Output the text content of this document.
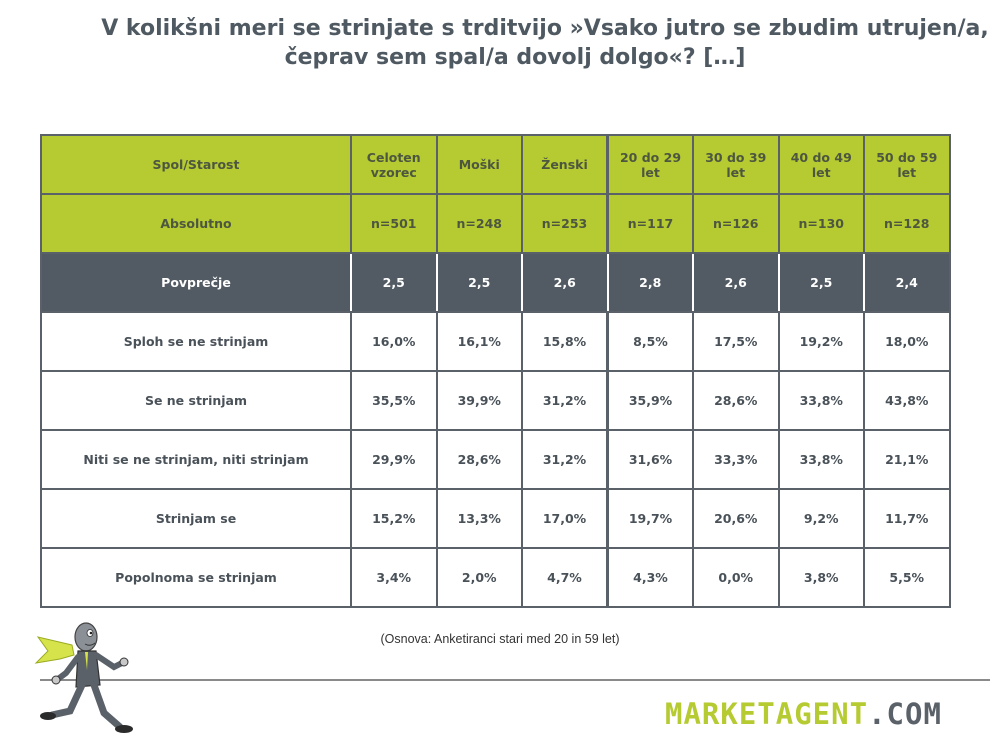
V kolikšni meri se strinjate s trditvijo »Vsako jutro se zbudim utrujen/a,
čeprav sem spal/a dovolj dolgo«? […]
Spol/Starost	Celoten vzorec	Moški	Ženski	20 do 29 let	30 do 39 let	40 do 49 let	50 do 59 let
Absolutno	n=501	n=248	n=253	n=117	n=126	n=130	n=128
Povprečje	2,5	2,5	2,6	2,8	2,6	2,5	2,4
Sploh se ne strinjam	16,0%	16,1%	15,8%	8,5%	17,5%	19,2%	18,0%
Se ne strinjam	35,5%	39,9%	31,2%	35,9%	28,6%	33,8%	43,8%
Niti se ne strinjam, niti strinjam	29,9%	28,6%	31,2%	31,6%	33,3%	33,8%	21,1%
Strinjam se	15,2%	13,3%	17,0%	19,7%	20,6%	9,2%	11,7%
Popolnoma se strinjam	3,4%	2,0%	4,7%	4,3%	0,0%	3,8%	5,5%
(Osnova: Anketiranci stari med 20 in 59 let)
MARKETAGENT.COM
